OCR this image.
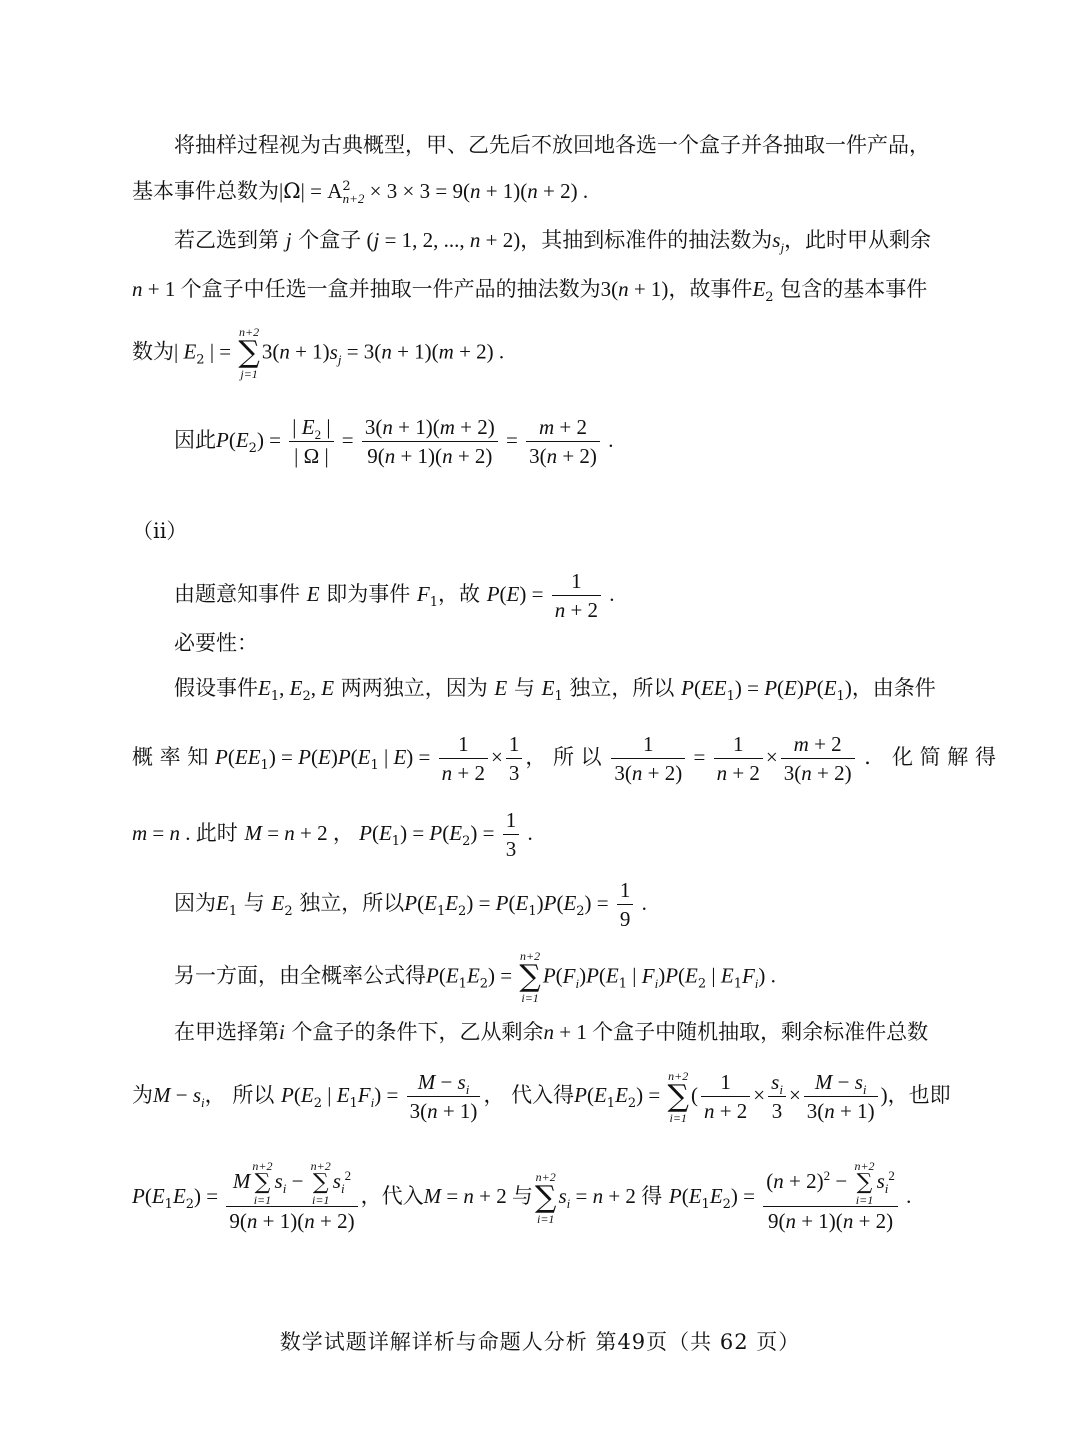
将抽样过程视为古典概型，甲、乙先后不放回地各选一个盒子并各抽取一件产品，
基本事件总数为$|\Omega| = A^2_{n+2} \times 3 \times 3 = 9(n + 1)(n + 2)$ .
若乙选到第 j 个盒子 (j = 1, 2, ..., n + 2)，其抽到标准件的抽法数为$s_j$，此时甲从剩余
n + 1 个盒子中任选一盒并抽取一件产品的抽法数为3(n + 1)，故事件$E_2$ 包含的基本事件
数为| $E_2$ | =
n+2
∑
j=1
$3(n + 1)s_j = 3(n + 1)(m + 2)$ .
因此$P(E_2) = \frac{| E_2 |}{| \Omega |} = \frac{3(n + 1)(m + 2)}{9(n + 1)(n + 2)} = \frac{m + 2}{3(n + 2)}$ .
（ii）
由题意知事件 E 即为事件 $F_1$，故 $P(E) = \frac{1}{n + 2}$ .
必要性：
假设事件$E_1$, $E_2$, E 两两独立，因为 E 与 $E_1$ 独立，所以 $P(EE_1) = P(E)P(E_1)$，由条件
概 率 知 $P(EE_1) = P(E)P(E_1$ | $E) = \frac{1}{n + 2} \times \frac{1}{3}$ ， 所 以 $\frac{1}{3(n + 2)} = \frac{1}{n + 2} \times \frac{m + 2}{3(n + 2)}$ ． 化 简 解 得
m = n . 此时 M = n + 2 ， $P(E_1) = P(E_2) = \frac{1}{3}$ .
因为$E_1$ 与 $E_2$ 独立，所以$P(E_1E_2) = P(E_1)P(E_2) = \frac{1}{9}$ .
另一方面，由全概率公式得$P(E_1E_2)$ =
n+2
∑
i=1
$P(F_i)P(E_1$ | $F_i)P(E_2$ | $E_1F_i$) .
在甲选择第i 个盒子的条件下，乙从剩余n + 1 个盒子中随机抽取，剩余标准件总数
为$M - s_i$， 所以 $P(E_2$ | $E_1F_i) = \frac{M - s_i}{3(n + 1)}$ ， 代入得$P(E_1E_2)$ =
n+2
∑
i=1
( $\frac{1}{n + 2} \times \frac{s_i}{3} \times \frac{M - s_i}{3(n + 1)}$ )，也即
$P(E_1E_2) = M$
n+2
∑
i=1
$s_i$ −
n+2
∑
i=1
$s_i^2$
9(n + 1)(n + 2) ，代入M = n + 2 与
n+2
∑
i=1
$s_i = n + 2$ 得 $P(E_1E_2) = (n + 2)^2$ −
n+2
∑
i=1
$s_i^2$
9(n + 1)(n + 2) .
数学试题详解详析与命题人分析 第49页（共 62 页）
